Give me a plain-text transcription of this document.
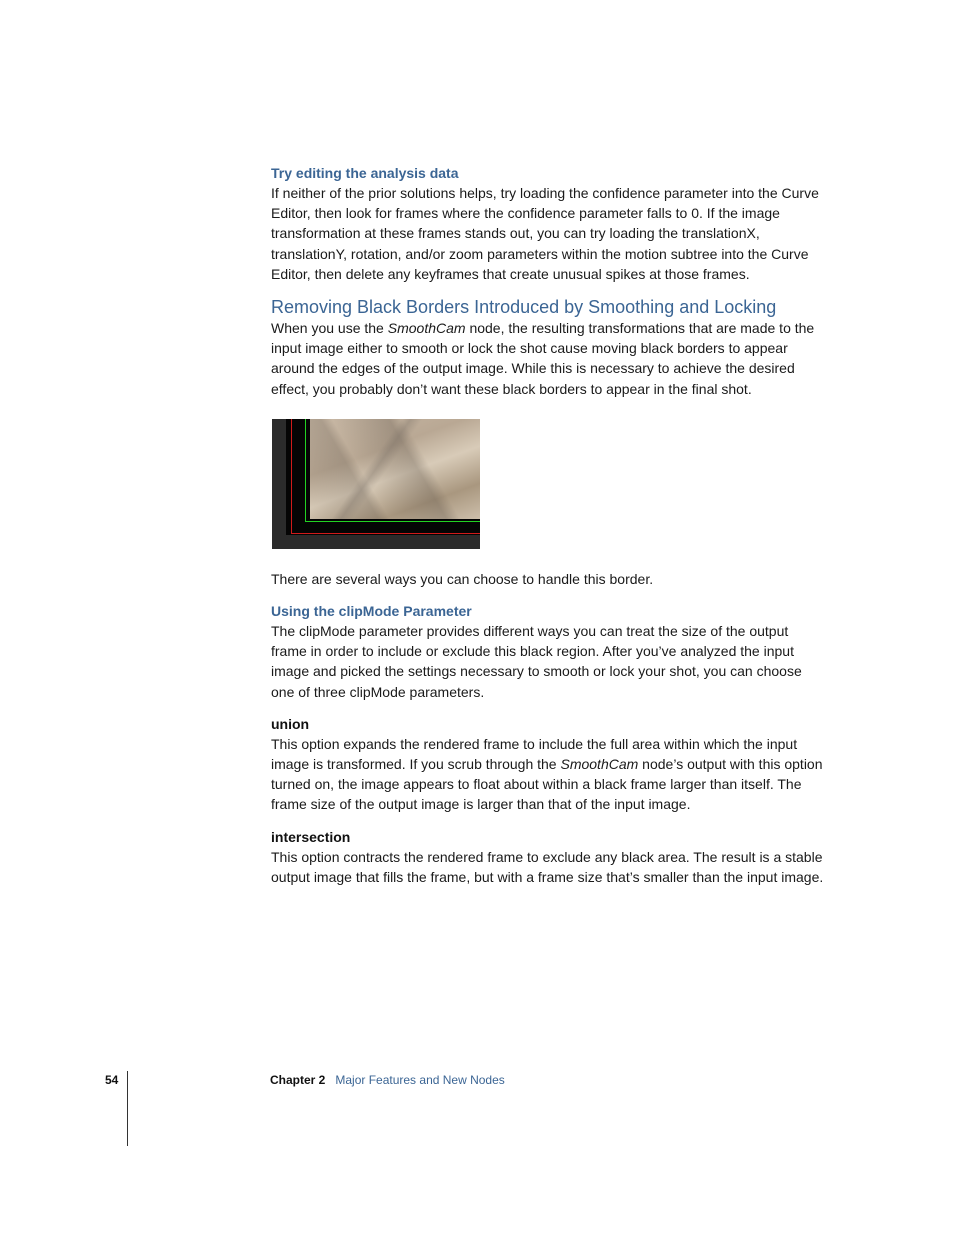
Try editing the analysis data

If neither of the prior solutions helps, try loading the confidence parameter into the Curve Editor, then look for frames where the confidence parameter falls to 0. If the image transformation at these frames stands out, you can try loading the translationX, translationY, rotation, and/or zoom parameters within the motion subtree into the Curve Editor, then delete any keyframes that create unusual spikes at those frames.

Removing Black Borders Introduced by Smoothing and Locking

When you use the SmoothCam node, the resulting transformations that are made to the input image either to smooth or lock the shot cause moving black borders to appear around the edges of the output image. While this is necessary to achieve the desired effect, you probably don’t want these black borders to appear in the final shot.

There are several ways you can choose to handle this border.

Using the clipMode Parameter

The clipMode parameter provides different ways you can treat the size of the output frame in order to include or exclude this black region. After you’ve analyzed the input image and picked the settings necessary to smooth or lock your shot, you can choose one of three clipMode parameters.

union

This option expands the rendered frame to include the full area within which the input image is transformed. If you scrub through the SmoothCam node’s output with this option turned on, the image appears to float about within a black frame larger than itself. The frame size of the output image is larger than that of the input image.

intersection

This option contracts the rendered frame to exclude any black area. The result is a stable output image that fills the frame, but with a frame size that’s smaller than the input image.

54	Chapter 2 Major Features and New Nodes
